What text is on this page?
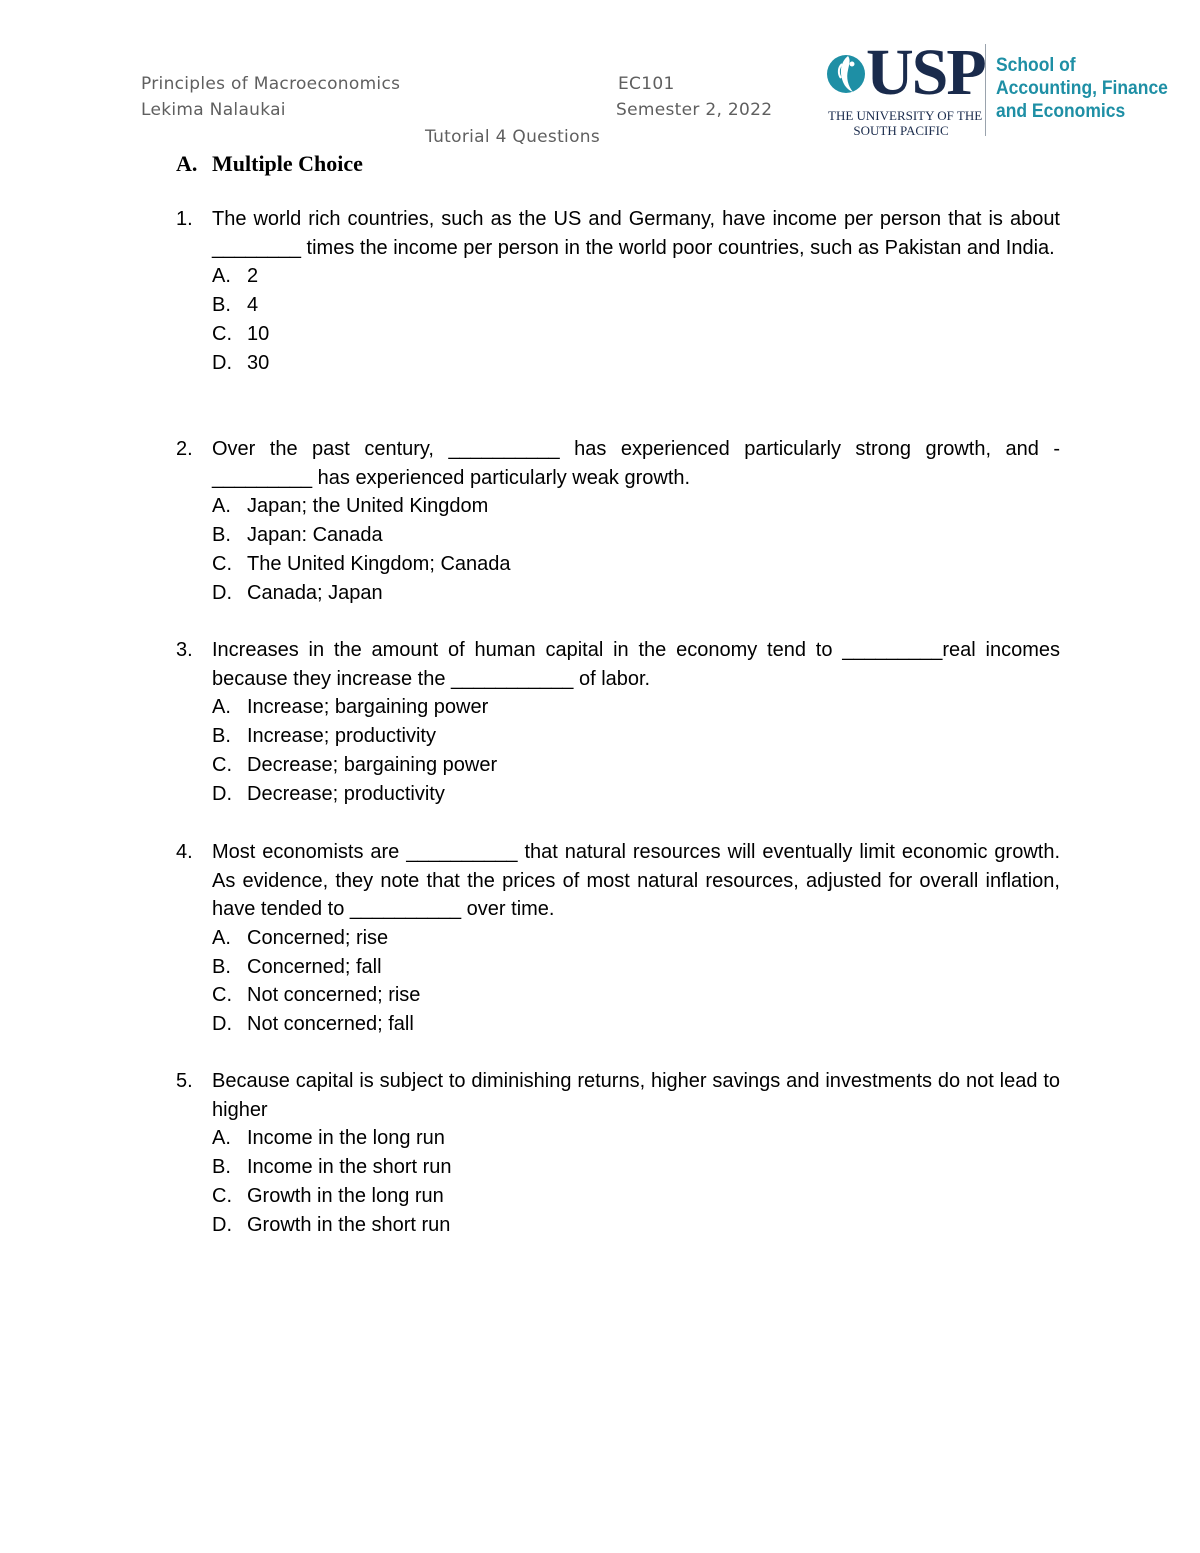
Principles of Macroeconomics
Lekima Nalaukai
EC101
Semester 2, 2022
Tutorial 4 Questions
USP
THE UNIVERSITY OF THE
SOUTH PACIFIC
School of
Accounting, Finance
and Economics
A. Multiple Choice
1. The world rich countries, such as the US and Germany, have income per person that is about ________ times the income per person in the world poor countries, such as Pakistan and India.
A. 2
B. 4
C. 10
D. 30
2. Over the past century, __________ has experienced particularly strong growth, and - _________ has experienced particularly weak growth.
A. Japan; the United Kingdom
B. Japan: Canada
C. The United Kingdom; Canada
D. Canada; Japan
3. Increases in the amount of human capital in the economy tend to _________real incomes because they increase the ___________ of labor.
A. Increase; bargaining power
B. Increase; productivity
C. Decrease; bargaining power
D. Decrease; productivity
4. Most economists are __________ that natural resources will eventually limit economic growth. As evidence, they note that the prices of most natural resources, adjusted for overall inflation, have tended to __________ over time.
A. Concerned; rise
B. Concerned; fall
C. Not concerned; rise
D. Not concerned; fall
5. Because capital is subject to diminishing returns, higher savings and investments do not lead to higher
A. Income in the long run
B. Income in the short run
C. Growth in the long run
D. Growth in the short run
